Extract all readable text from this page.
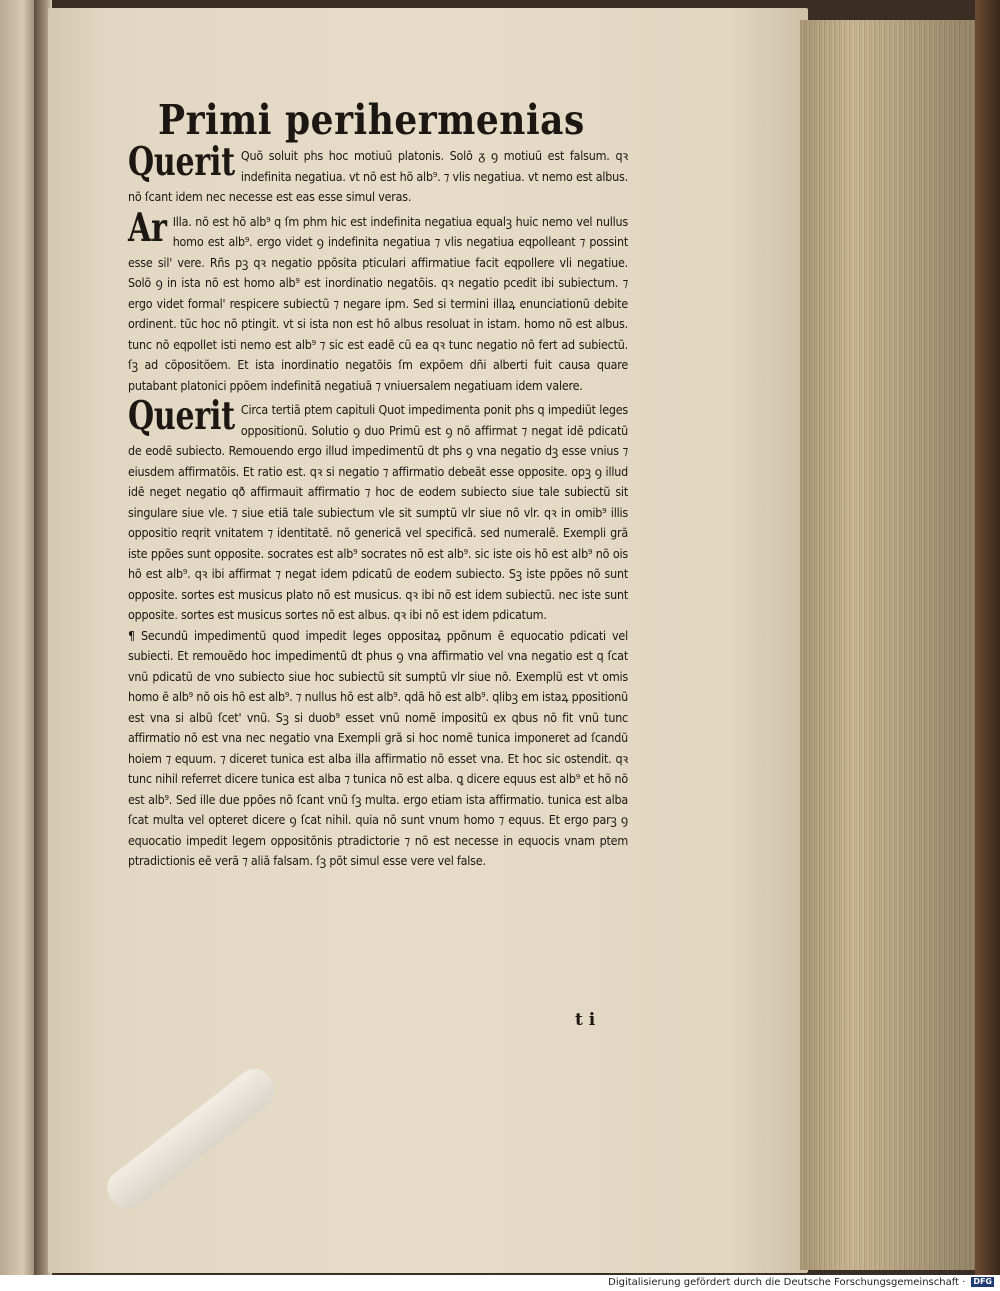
Primi perihermenias

Querit Quõ soluit phs hoc motiuũ platonis. Solõ ᵹ ꝯ motiuũ est falsum. qꝛ indefinita negatiua. vt nõ est hõ alb⁹. ⁊ vlis negatiua. vt nemo est albus. nõ ſcant idem nec necesse est eas esse simul veras.

Ar Illa. nõ est hõ alb⁹ q ſm phm hic est indefinita negatiua equalꝫ huic nemo vel nullus homo est alb⁹. ergo videt ꝯ indefinita negatiua ⁊ vlis negatiua eqpolleant ⁊ possint esse sil' vere. Rñs pꝫ qꝛ negatio ppõsita pticulari affirmatiue facit eqpollere vli negatiue. Solõ ꝯ in ista nõ est homo alb⁹ est inordinatio negatõis. qꝛ negatio pcedit ibi subiectum. ⁊ ergo videt formal' respicere subiectũ ⁊ negare ipm. Sed si termini illaꝝ enunciationũ debite ordinent. tũc hoc nõ ptingit. vt si ista non est hõ albus resoluat in istam. homo nõ est albus. tunc nõ eqpollet isti nemo est alb⁹ ⁊ sic est eadẽ cũ ea qꝛ tunc negatio nõ fert ad subiectũ. ſꝫ ad cõpositõem. Et ista inordinatio negatõis ſm expõem dñi alberti fuit causa quare putabant platonici ppõem indefinitã negatiuã ⁊ vniuersalem negatiuam idem valere.

Querit Circa tertiã ptem capituli Quot impedimenta ponit phs q impediũt leges oppositionũ. Solutio ꝯ duo Primũ est ꝯ nõ affirmat ⁊ negat idẽ pdicatũ de eodẽ subiecto. Remouendo ergo illud impedimentũ dt phs ꝯ vna negatio dꝫ esse vnius ⁊ eiusdem affirmatõis. Et ratio est. qꝛ si negatio ⁊ affirmatio debeãt esse opposite. opꝫ ꝯ illud idẽ neget negatio qð affirmauit affirmatio ⁊ hoc de eodem subiecto siue tale subiectũ sit singulare siue vle. ⁊ siue etiã tale subiectum vle sit sumptũ vlr siue nõ vlr. qꝛ in omib⁹ illis oppositio reqrit vnitatem ⁊ identitatẽ. nõ genericã vel specificã. sed numeralẽ. Exempli grã iste ppões sunt opposite. socrates est alb⁹ socrates nõ est alb⁹. sic iste ois hõ est alb⁹ nõ ois hõ est alb⁹. qꝛ ibi affirmat ⁊ negat idem pdicatũ de eodem subiecto. Sꝫ iste ppões nõ sunt opposite. sortes est musicus plato nõ est musicus. qꝛ ibi nõ est idem subiectũ. nec iste sunt opposite. sortes est musicus sortes nõ est albus. qꝛ ibi nõ est idem pdicatum.

¶ Secundũ impedimentũ quod impedit leges oppositaꝝ ppõnum ẽ equocatio pdicati vel subiecti. Et remouẽdo hoc impedimentũ dt phus ꝯ vna affirmatio vel vna negatio est q ſcat vnũ pdicatũ de vno subiecto siue hoc subiectũ sit sumptũ vlr siue nõ. Exemplũ est vt omis homo ẽ alb⁹ nõ ois hõ est alb⁹. ⁊ nullus hõ est alb⁹. qdã hõ est alb⁹. qlibꝫ em istaꝝ ppositionũ est vna si albũ ſcet' vnũ. Sꝫ si duob⁹ esset vnũ nomẽ impositũ ex qbus nõ fit vnũ tunc affirmatio nõ est vna nec negatio vna Exempli grã si hoc nomẽ tunica imponeret ad ſcandũ hoiem ⁊ equum. ⁊ diceret tunica est alba illa affirmatio nõ esset vna. Et hoc sic ostendit. qꝛ tunc nihil referret dicere tunica est alba ⁊ tunica nõ est alba. ꝗ dicere equus est alb⁹ et hõ nõ est alb⁹. Sed ille due ppões nõ ſcant vnũ ſꝫ multa. ergo etiam ista affirmatio. tunica est alba ſcat multa vel opteret dicere ꝯ ſcat nihil. quia nõ sunt vnum homo ⁊ equus. Et ergo parꝫ ꝯ equocatio impedit legem oppositõnis ptradictorie ⁊ nõ est necesse in equocis vnam ptem ptradictionis eẽ verã ⁊ aliã falsam. ſꝫ põt simul esse vere vel false.

t i
Digitalisierung gefördert durch die Deutsche Forschungsgemeinschaft · DFG
